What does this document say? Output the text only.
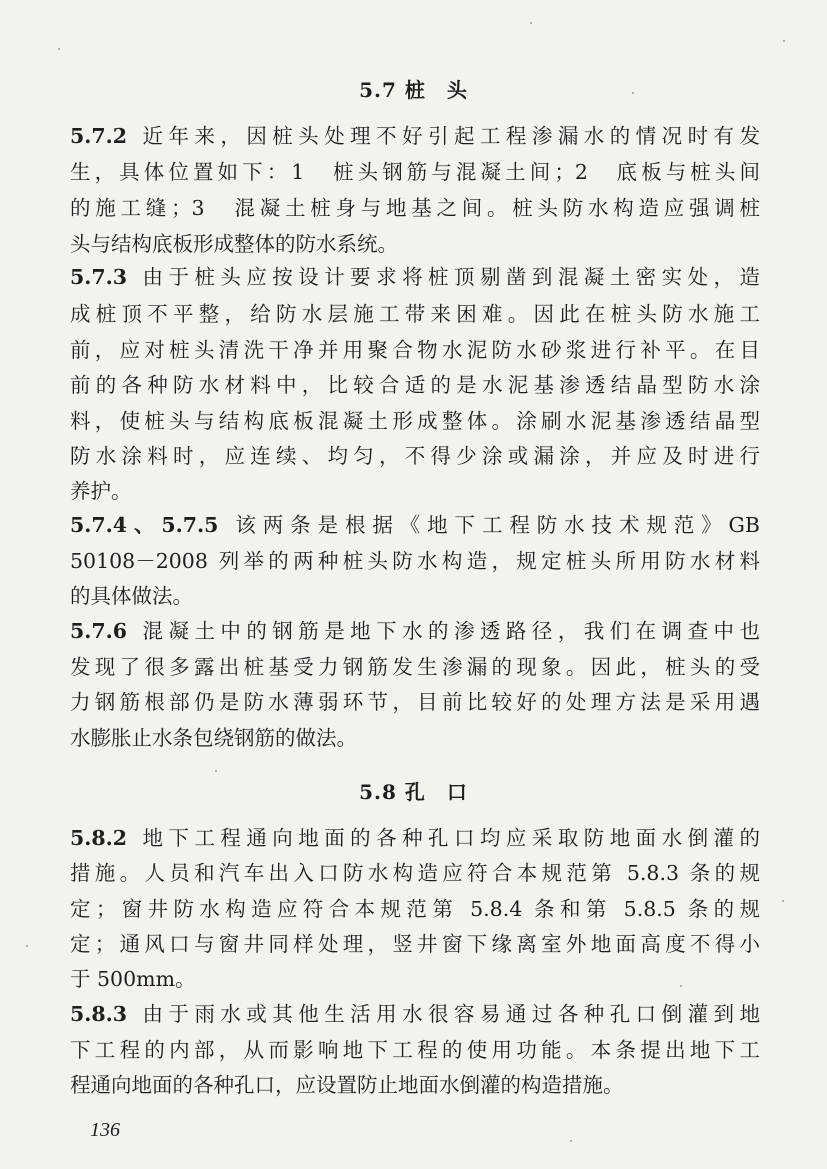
5.7 桩　头
5.7.2 近年来，因桩头处理不好引起工程渗漏水的情况时有发
生，具体位置如下：1　桩头钢筋与混凝土间；2　底板与桩头间
的施工缝；3　混凝土桩身与地基之间。桩头防水构造应强调桩
头与结构底板形成整体的防水系统。
5.7.3 由于桩头应按设计要求将桩顶剔凿到混凝土密实处，造
成桩顶不平整，给防水层施工带来困难。因此在桩头防水施工
前，应对桩头清洗干净并用聚合物水泥防水砂浆进行补平。在目
前的各种防水材料中，比较合适的是水泥基渗透结晶型防水涂
料，使桩头与结构底板混凝土形成整体。涂刷水泥基渗透结晶型
防水涂料时，应连续、均匀，不得少涂或漏涂，并应及时进行
养护。
5.7.4、5.7.5 该两条是根据《地下工程防水技术规范》GB
50108－2008 列举的两种桩头防水构造，规定桩头所用防水材料
的具体做法。
5.7.6 混凝土中的钢筋是地下水的渗透路径，我们在调查中也
发现了很多露出桩基受力钢筋发生渗漏的现象。因此，桩头的受
力钢筋根部仍是防水薄弱环节，目前比较好的处理方法是采用遇
水膨胀止水条包绕钢筋的做法。
5.8 孔　口
5.8.2 地下工程通向地面的各种孔口均应采取防地面水倒灌的
措施。人员和汽车出入口防水构造应符合本规范第 5.8.3 条的规
定；窗井防水构造应符合本规范第 5.8.4 条和第 5.8.5 条的规
定；通风口与窗井同样处理，竖井窗下缘离室外地面高度不得小
于 500mm。
5.8.3 由于雨水或其他生活用水很容易通过各种孔口倒灌到地
下工程的内部，从而影响地下工程的使用功能。本条提出地下工
程通向地面的各种孔口，应设置防止地面水倒灌的构造措施。
136
